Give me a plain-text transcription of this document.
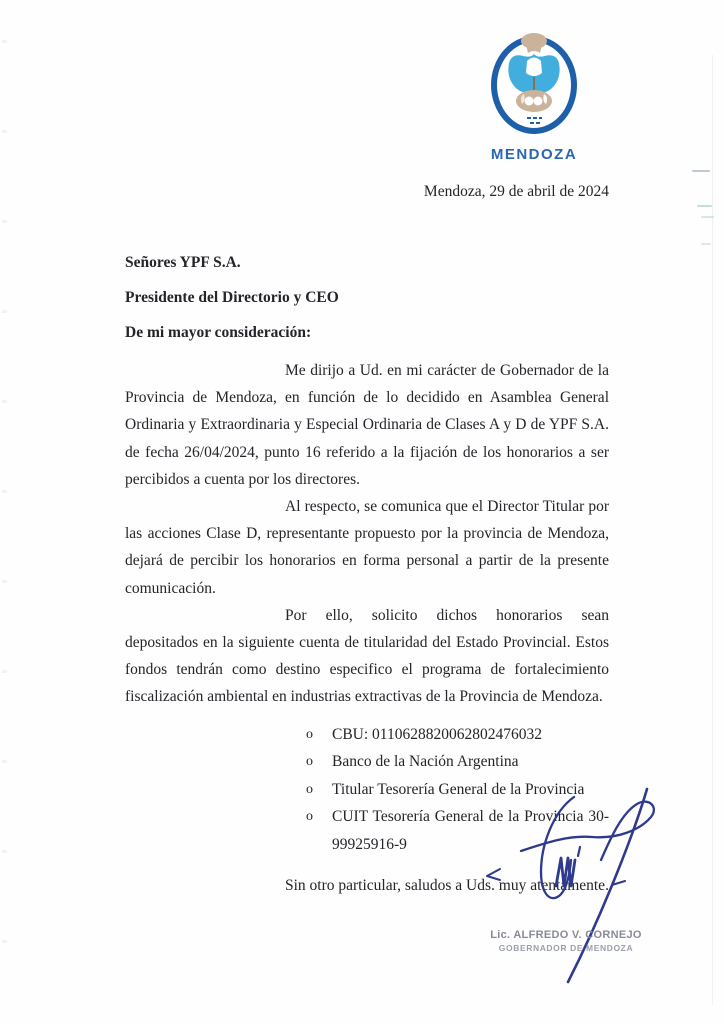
MENDOZA
Mendoza, 29 de abril de 2024

Señores YPF S.A.

Presidente del Directorio y CEO

De mi mayor consideración:

Me dirijo a Ud. en mi carácter de Gobernador de la Provincia de Mendoza, en función de lo decidido en Asamblea General Ordinaria y Extraordinaria y Especial Ordinaria de Clases A y D de YPF S.A. de fecha 26/04/2024, punto 16 referido a la fijación de los honorarios a ser percibidos a cuenta por los directores.

Al respecto, se comunica que el Director Titular por las acciones Clase D, representante propuesto por la provincia de Mendoza, dejará de percibir los honorarios en forma personal a partir de la presente comunicación.

Por ello, solicito dichos honorarios sean depositados en la siguiente cuenta de titularidad del Estado Provincial. Estos fondos tendrán como destino especifico el programa de fortalecimiento fiscalización ambiental en industrias extractivas de la Provincia de Mendoza.

o	CBU: 0110628820062802476032
o	Banco de la Nación Argentina
o	Titular Tesorería General de la Provincia
o	CUIT Tesorería General de la Provincia 30-99925916-9

Sin otro particular, saludos a Uds. muy atentamente.

Lic. ALFREDO V. CORNEJO
GOBERNADOR DE MENDOZA
